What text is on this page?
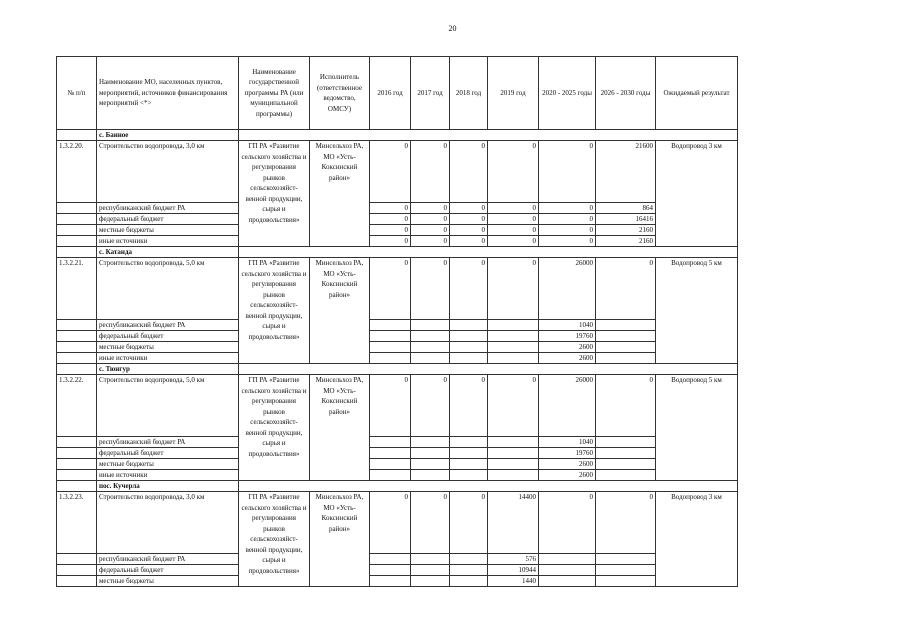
20
№ п/п	Наименование МО, населенных пунктов, мероприятий, источников финансирования мероприятий <*>	Наименование государственной программы РА (или муниципальной программы)	Исполнитель (ответственное ведомство, ОМСУ)	2016 год	2017 год	2018 год	2019 год	2020 - 2025 годы	2026 - 2030 годы	Ожидаемый результат
	с. Банное									
1.3.2.20.	Строительство водопровода, 3,0 км	ГП РА «Развитие сельского хозяйства и регулирования рынков сельскохозяйст-венной продукции, сырья и продовольствия»	Минсельхоз РА, МО «Усть-Коксинский район»	0	0	0	0	0	21600	Водопровод 3 км
	республиканский бюджет РА			0	0	0	0	0	864	
	федеральный бюджет			0	0	0	0	0	16416	
	местные бюджеты			0	0	0	0	0	2160	
	иные источники			0	0	0	0	0	2160	
	с. Катанда									
1.3.2.21.	Строительство водопровода, 5,0 км	ГП РА «Развитие сельского хозяйства и регулирования рынков сельскохозяйст-венной продукции, сырья и продовольствия»	Минсельхоз РА, МО «Усть-Коксинский район»	0	0	0	0	26000	0	Водопровод 5 км
	республиканский бюджет РА							1040		
	федеральный бюджет							19760		
	местные бюджеты							2600		
	иные источники							2600		
	с. Тюнгур									
1.3.2.22.	Строительство водопровода, 5,0 км	ГП РА «Развитие сельского хозяйства и регулирования рынков сельскохозяйст-венной продукции, сырья и продовольствия»	Минсельхоз РА, МО «Усть-Коксинский район»	0	0	0	0	26000	0	Водопровод 5 км
	республиканский бюджет РА							1040		
	федеральный бюджет							19760		
	местные бюджеты							2600		
	иные источники							2600		
	пос. Кучерла									
1.3.2.23.	Строительство водопровода, 3,0 км	ГП РА «Развитие сельского хозяйства и регулирования рынков сельскохозяйст-венной продукции, сырья и продовольствия»	Минсельхоз РА, МО «Усть-Коксинский район»	0	0	0	14400	0	0	Водопровод 3 км
	республиканский бюджет РА						576			
	федеральный бюджет						10944			
	местные бюджеты						1440			
